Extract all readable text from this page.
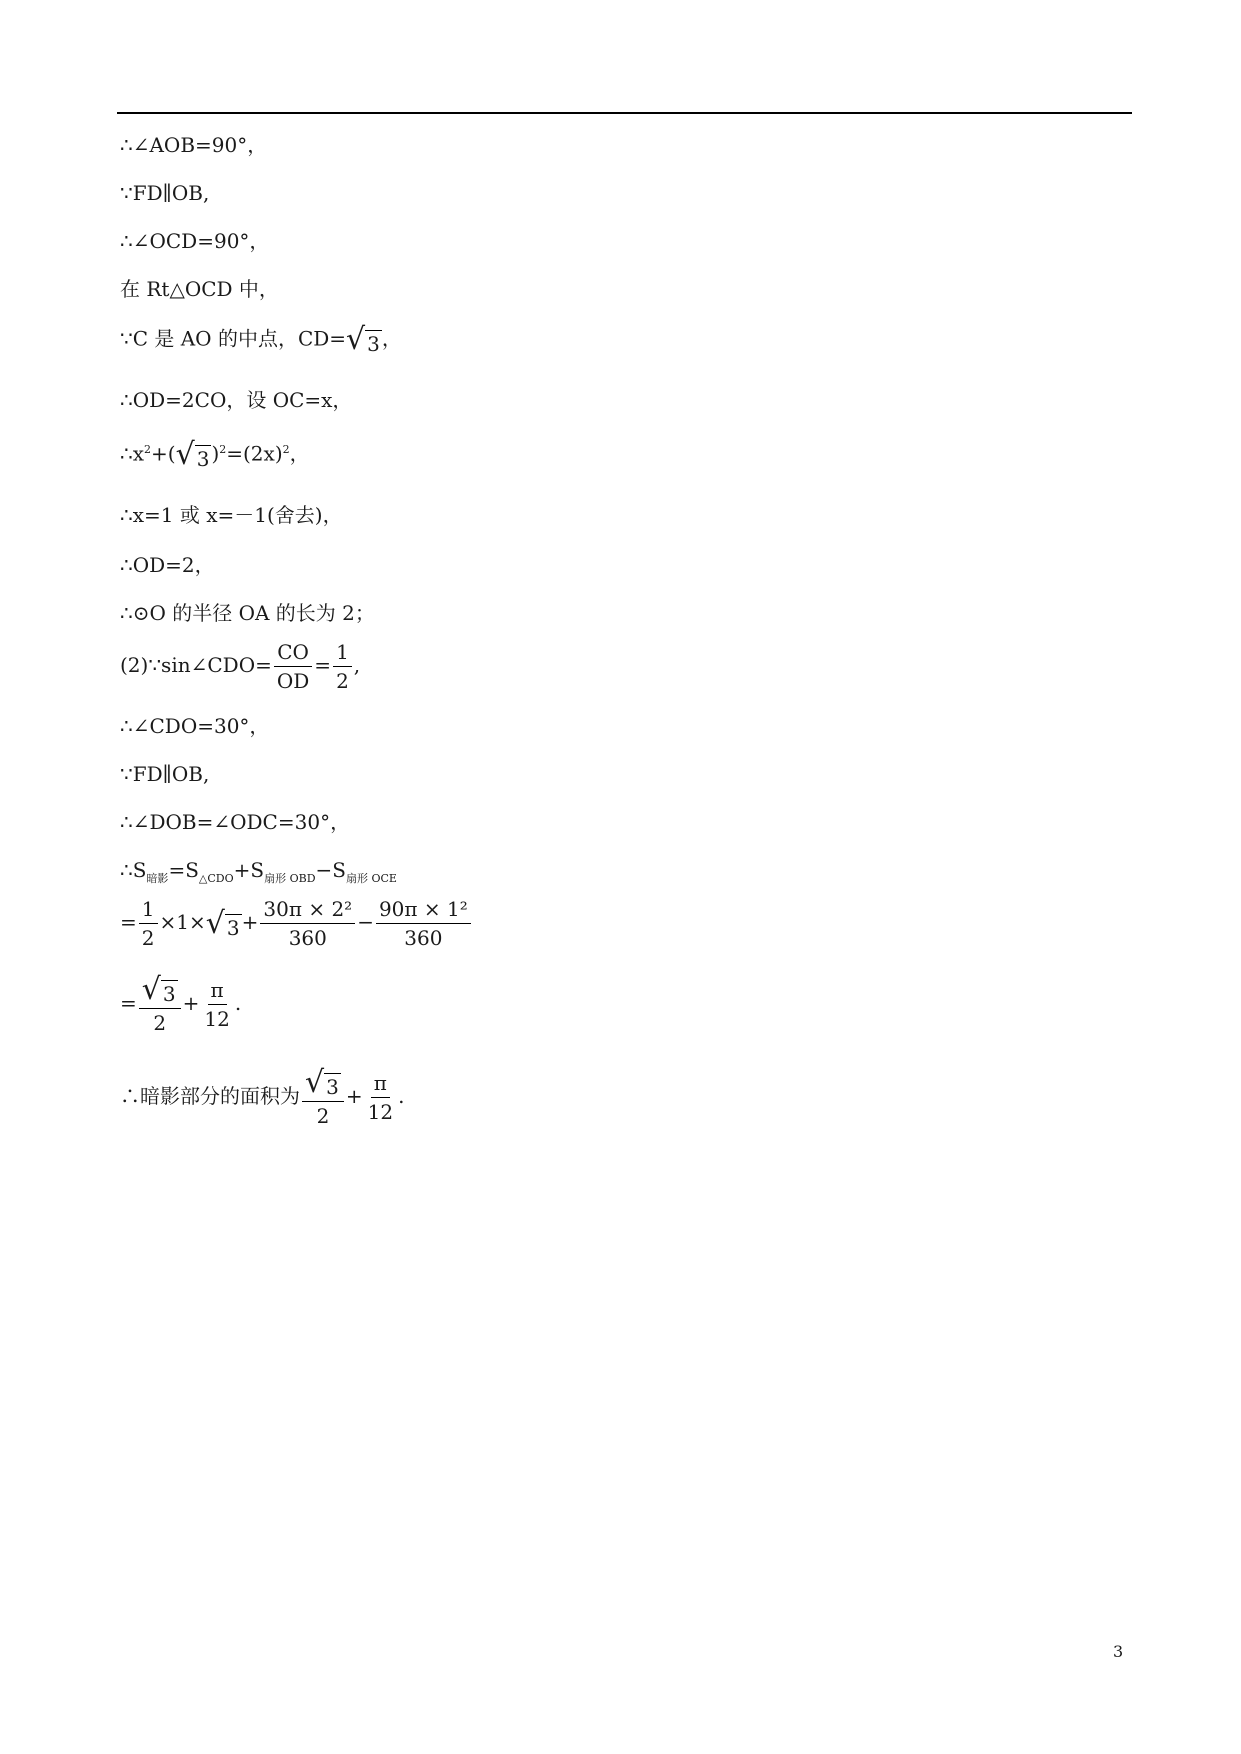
∴∠AOB=90°，
∵FD∥OB,
∴∠OCD=90°，
在 Rt△OCD 中，
∵C 是 AO 的中点，CD= √ 3 ，
∴OD=2CO，设 OC=x，
$\therefore x^2+$( √ 3 )$^2=(2x)^2$，
∴x=1 或 x=－1(舍去)，
∴OD=2，
∴⊙O 的半径 OA 的长为 2；
(2)∵sin∠CDO= $\frac{CO}{OD} = \frac{1}{2}$ ,
∴∠CDO=30°，
∵FD∥OB,
∴∠DOB=∠ODC=30°，
$\therefore S_{暗影}=S_{\triangle CDO}+S_{扇形 OBD}-S_{扇形 OCE}$
= $\frac{1}{2} \times 1\times$ √ $3 + \frac{\text{30π × 2²}}{360} - \frac{\text{90π × 1²}}{360}$
= $\frac{√ 3}{2} + \frac{\pi}{12}$ .
∴暗影部分的面积为 $\frac{√ 3}{2} + \frac{\pi}{12}$ .
3
